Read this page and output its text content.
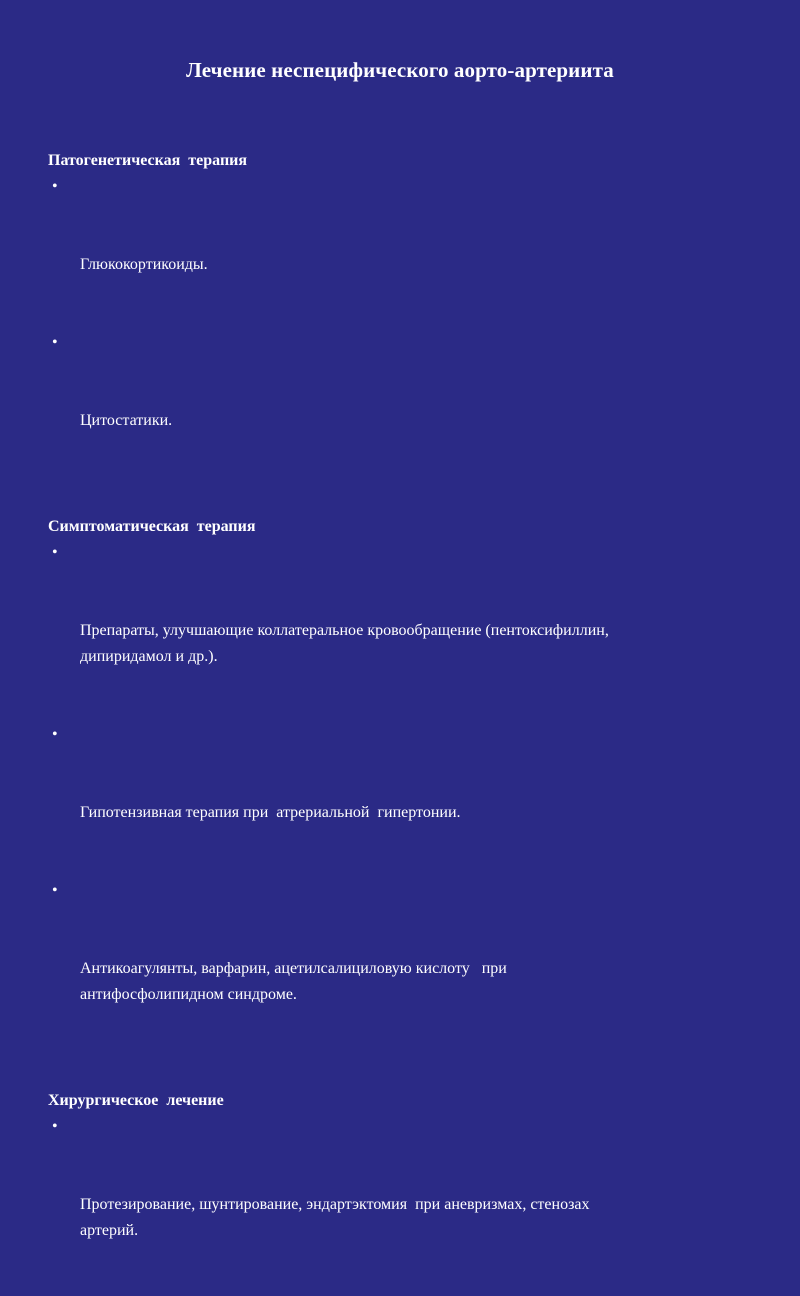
Лечение неспецифического аорто-артериита
Патогенетическая  терапия

•

Глюкокортикоиды.

•

Цитостатики.

Симптоматическая  терапия

•

Препараты, улучшающие коллатеральное кровообращение (пентоксифиллин,
дипиридамол и др.).

•

Гипотензивная терапия при  атрериальной  гипертонии.

•

Антикоагулянты, варфарин, ацетилсалициловую кислоту   при
антифосфолипидном синдроме.

Хирургическое  лечение

•

Протезирование, шунтирование, эндартэктомия  при аневризмах, стенозах
артерий.
